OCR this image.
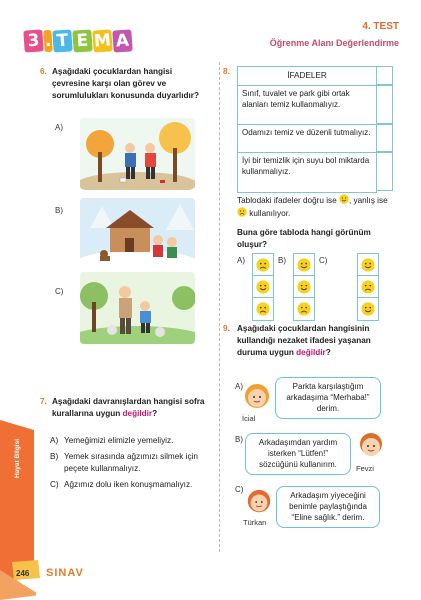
3 . T E M A
4. TEST
Öğrenme Alanı Değerlendirme
6. Aşağıdaki çocuklardan hangisi çevresine karşı olan görev ve sorumlulukları konusunda duyarlıdır?
A)
B)
C)
7. Aşağıdaki davranışlardan hangisi sofra kurallarına uygun değildir?
A) Yemeğimizi elimizle yemeliyiz.
B) Yemek sırasında ağzımızı silmek için peçete kullanmalıyız.
C) Ağzımız dolu iken konuşmamalıyız.
8.	İFADELER
Sınıf, tuvalet ve park gibi ortak alanları temiz kullanmalıyız.
Odamızı temiz ve düzenli tutmalıyız.
İyi bir temizlik için suyu bol miktarda kullanmalıyız.
Tablodaki ifadeler doğru ise , yanlış ise  kullanılıyor.
Buna göre tabloda hangi görünüm oluşur?
A)	B)	C)
9. Aşağıdaki çocuklardan hangisinin kullandığı nezaket ifadesi yaşanan duruma uygun değildir?
A)
İcial
Parkta karşılaştığım arkadaşıma “Merhaba!” derim.
B)	Arkadaşımdan yardım isterken “Lütfen!” sözcüğünü kullanırım.	Fevzi
C)
Türkan
Arkadaşım yiyeceğini benimle paylaştığında “Eline sağlık.” derim.
Hayat Bilgisi
246 SINAV
